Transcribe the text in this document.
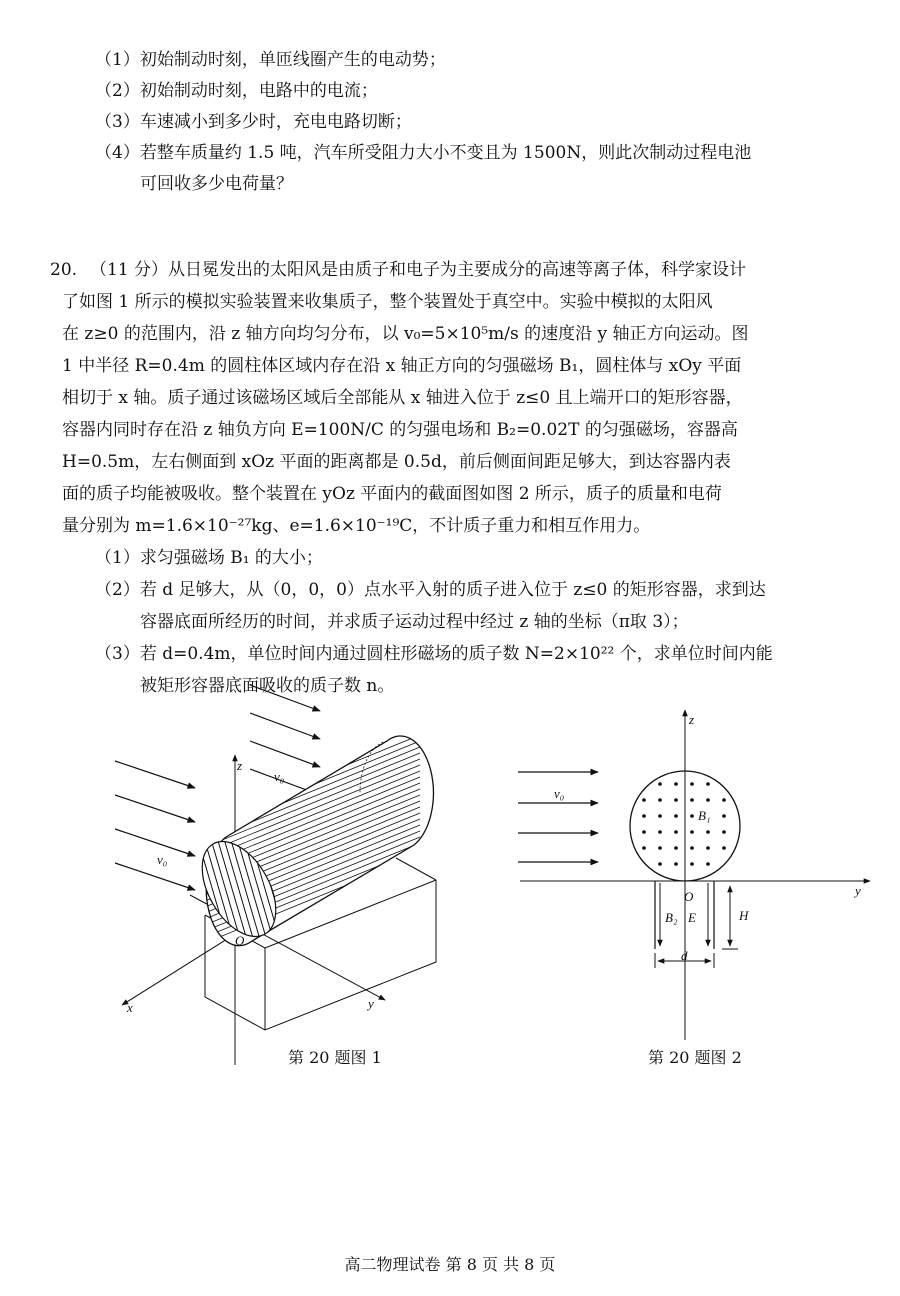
（1）初始制动时刻，单匝线圈产生的电动势；
（2）初始制动时刻，电路中的电流；
（3）车速减小到多少时，充电电路切断；
（4）若整车质量约 1.5 吨，汽车所受阻力大小不变且为 1500N，则此次制动过程电池
可回收多少电荷量？
20. （11 分）从日冕发出的太阳风是由质子和电子为主要成分的高速等离子体，科学家设计
了如图 1 所示的模拟实验装置来收集质子，整个装置处于真空中。实验中模拟的太阳风
在 z≥0 的范围内，沿 z 轴方向均匀分布，以 v₀=5×10⁵m/s 的速度沿 y 轴正方向运动。图
1 中半径 R=0.4m 的圆柱体区域内存在沿 x 轴正方向的匀强磁场 B₁，圆柱体与 xOy 平面
相切于 x 轴。质子通过该磁场区域后全部能从 x 轴进入位于 z≤0 且上端开口的矩形容器，
容器内同时存在沿 z 轴负方向 E=100N/C 的匀强电场和 B₂=0.02T 的匀强磁场，容器高
H=0.5m，左右侧面到 xOz 平面的距离都是 0.5d，前后侧面间距足够大，到达容器内表
面的质子均能被吸收。整个装置在 yOz 平面内的截面图如图 2 所示，质子的质量和电荷
量分别为 m=1.6×10⁻²⁷kg、e=1.6×10⁻¹⁹C，不计质子重力和相互作用力。
（1）求匀强磁场 B₁ 的大小；
（2）若 d 足够大，从（0，0，0）点水平入射的质子进入位于 z≤0 的矩形容器，求到达
容器底面所经历的时间，并求质子运动过程中经过 z 轴的坐标（π取 3）；
（3）若 d=0.4m，单位时间内通过圆柱形磁场的质子数 N=2×10²² 个，求单位时间内能
被矩形容器底面吸收的质子数 n。
z
x	y
O
v₀
v₀
第 20 题图 1
z
y
O
v₀
B₁
B₂ E	H
d
第 20 题图 2
高二物理试卷 第 8 页 共 8 页
